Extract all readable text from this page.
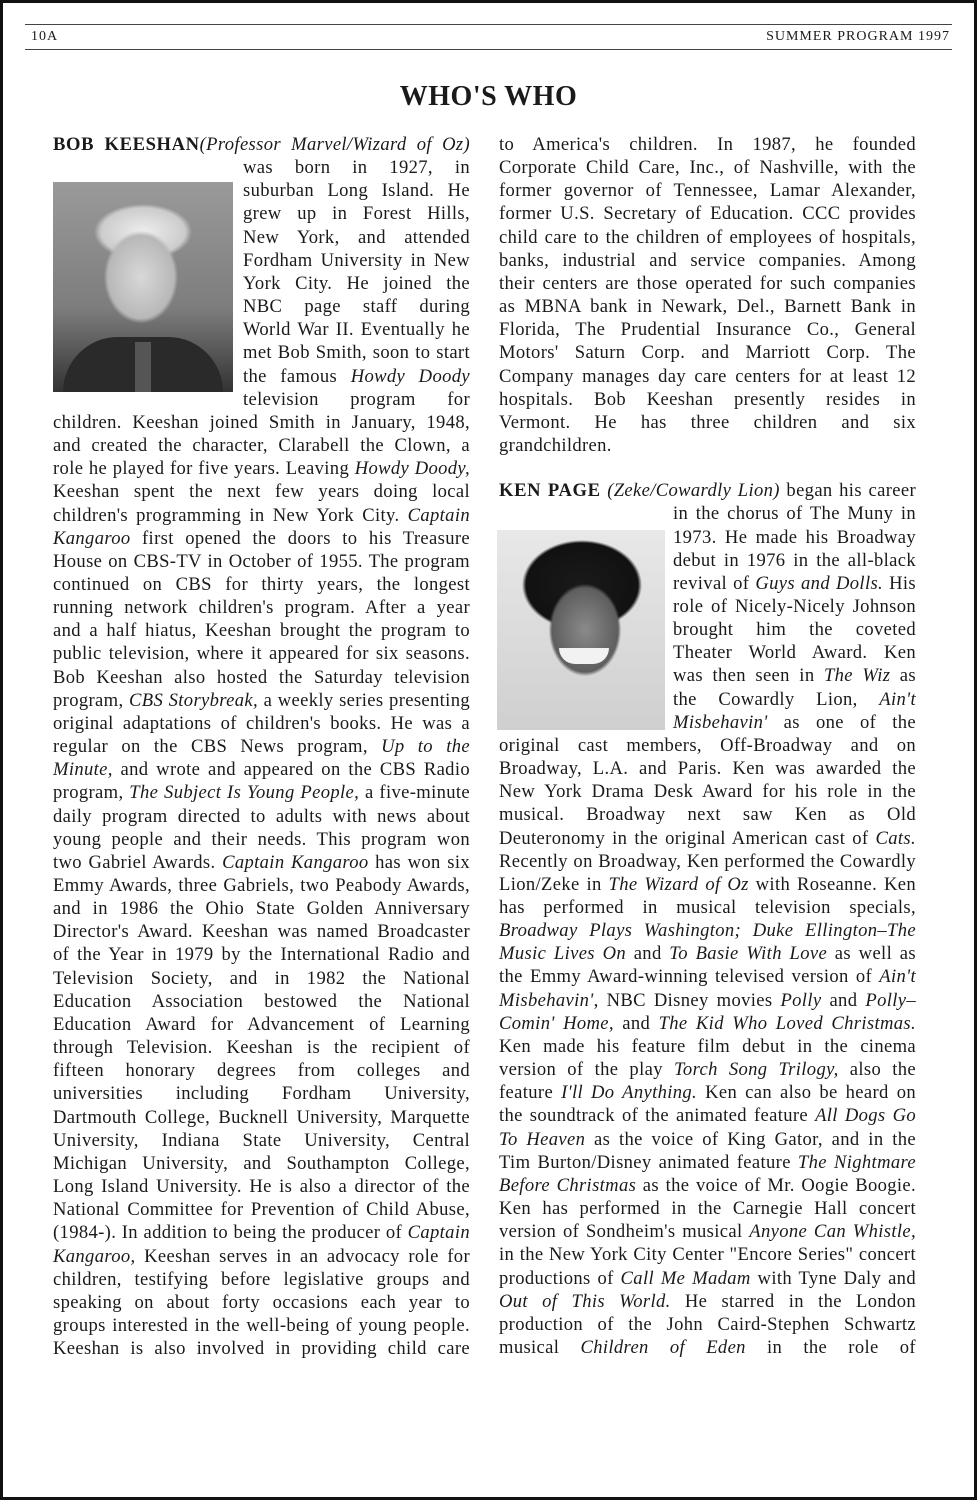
10A	SUMMER PROGRAM 1997
WHO'S WHO

BOB KEESHAN(Professor Marvel/Wizard of Oz) was born in 1927, in suburban Long Island. He grew up in Forest Hills, New York, and attended Fordham University in New York City. He joined the NBC page staff during World War II. Eventually he met Bob Smith, soon to start the famous Howdy Doody television program for children. Keeshan joined Smith in January, 1948, and created the character, Clarabell the Clown, a role he played for five years. Leaving Howdy Doody, Keeshan spent the next few years doing local children's programming in New York City. Captain Kangaroo first opened the doors to his Treasure House on CBS-TV in October of 1955. The program continued on CBS for thirty years, the longest running network children's program. After a year and a half hiatus, Keeshan brought the program to public television, where it appeared for six seasons. Bob Keeshan also hosted the Saturday television program, CBS Storybreak, a weekly series presenting original adaptations of children's books. He was a regular on the CBS News program, Up to the Minute, and wrote and appeared on the CBS Radio program, The Subject Is Young People, a five-minute daily program directed to adults with news about young people and their needs. This program won two Gabriel Awards. Captain Kangaroo has won six Emmy Awards, three Gabriels, two Peabody Awards, and in 1986 the Ohio State Golden Anniversary Director's Award. Keeshan was named Broadcaster of the Year in 1979 by the International Radio and Television Society, and in 1982 the National Education Association bestowed the National Education Award for Advancement of Learning through Television. Keeshan is the recipient of fifteen honorary degrees from colleges and universities including Fordham University, Dartmouth College, Bucknell University, Marquette University, Indiana State University, Central Michigan University, and Southampton College, Long Island University. He is also a director of the National Committee for Prevention of Child Abuse, (1984-). In addition to being the producer of Captain Kangaroo, Keeshan serves in an advocacy role for children, testifying before legislative groups and speaking on about forty occasions each year to groups interested in the well-being of young people. Keeshan is also involved in providing child care

to America's children. In 1987, he founded Corporate Child Care, Inc., of Nashville, with the former governor of Tennessee, Lamar Alexander, former U.S. Secretary of Education. CCC provides child care to the children of employees of hospitals, banks, industrial and service companies. Among their centers are those operated for such companies as MBNA bank in Newark, Del., Barnett Bank in Florida, The Prudential Insurance Co., General Motors' Saturn Corp. and Marriott Corp. The Company manages day care centers for at least 12 hospitals. Bob Keeshan presently resides in Vermont. He has three children and six grandchildren.

KEN PAGE (Zeke/Cowardly Lion) began his career in the chorus of The Muny in 1973. He made his Broadway debut in 1976 in the all-black revival of Guys and Dolls. His role of Nicely-Nicely Johnson brought him the coveted Theater World Award. Ken was then seen in The Wiz as the Cowardly Lion, Ain't Misbehavin' as one of the original cast members, Off-Broadway and on Broadway, L.A. and Paris. Ken was awarded the New York Drama Desk Award for his role in the musical. Broadway next saw Ken as Old Deuteronomy in the original American cast of Cats. Recently on Broadway, Ken performed the Cowardly Lion/Zeke in The Wizard of Oz with Roseanne. Ken has performed in musical television specials, Broadway Plays Washington; Duke Ellington–The Music Lives On and To Basie With Love as well as the Emmy Award-winning televised version of Ain't Misbehavin', NBC Disney movies Polly and Polly–Comin' Home, and The Kid Who Loved Christmas. Ken made his feature film debut in the cinema version of the play Torch Song Trilogy, also the feature I'll Do Anything. Ken can also be heard on the soundtrack of the animated feature All Dogs Go To Heaven as the voice of King Gator, and in the Tim Burton/Disney animated feature The Nightmare Before Christmas as the voice of Mr. Oogie Boogie. Ken has performed in the Carnegie Hall concert version of Sondheim's musical Anyone Can Whistle, in the New York City Center "Encore Series" concert productions of Call Me Madam with Tyne Daly and Out of This World. He starred in the London production of the John Caird-Stephen Schwartz musical Children of Eden in the role of
